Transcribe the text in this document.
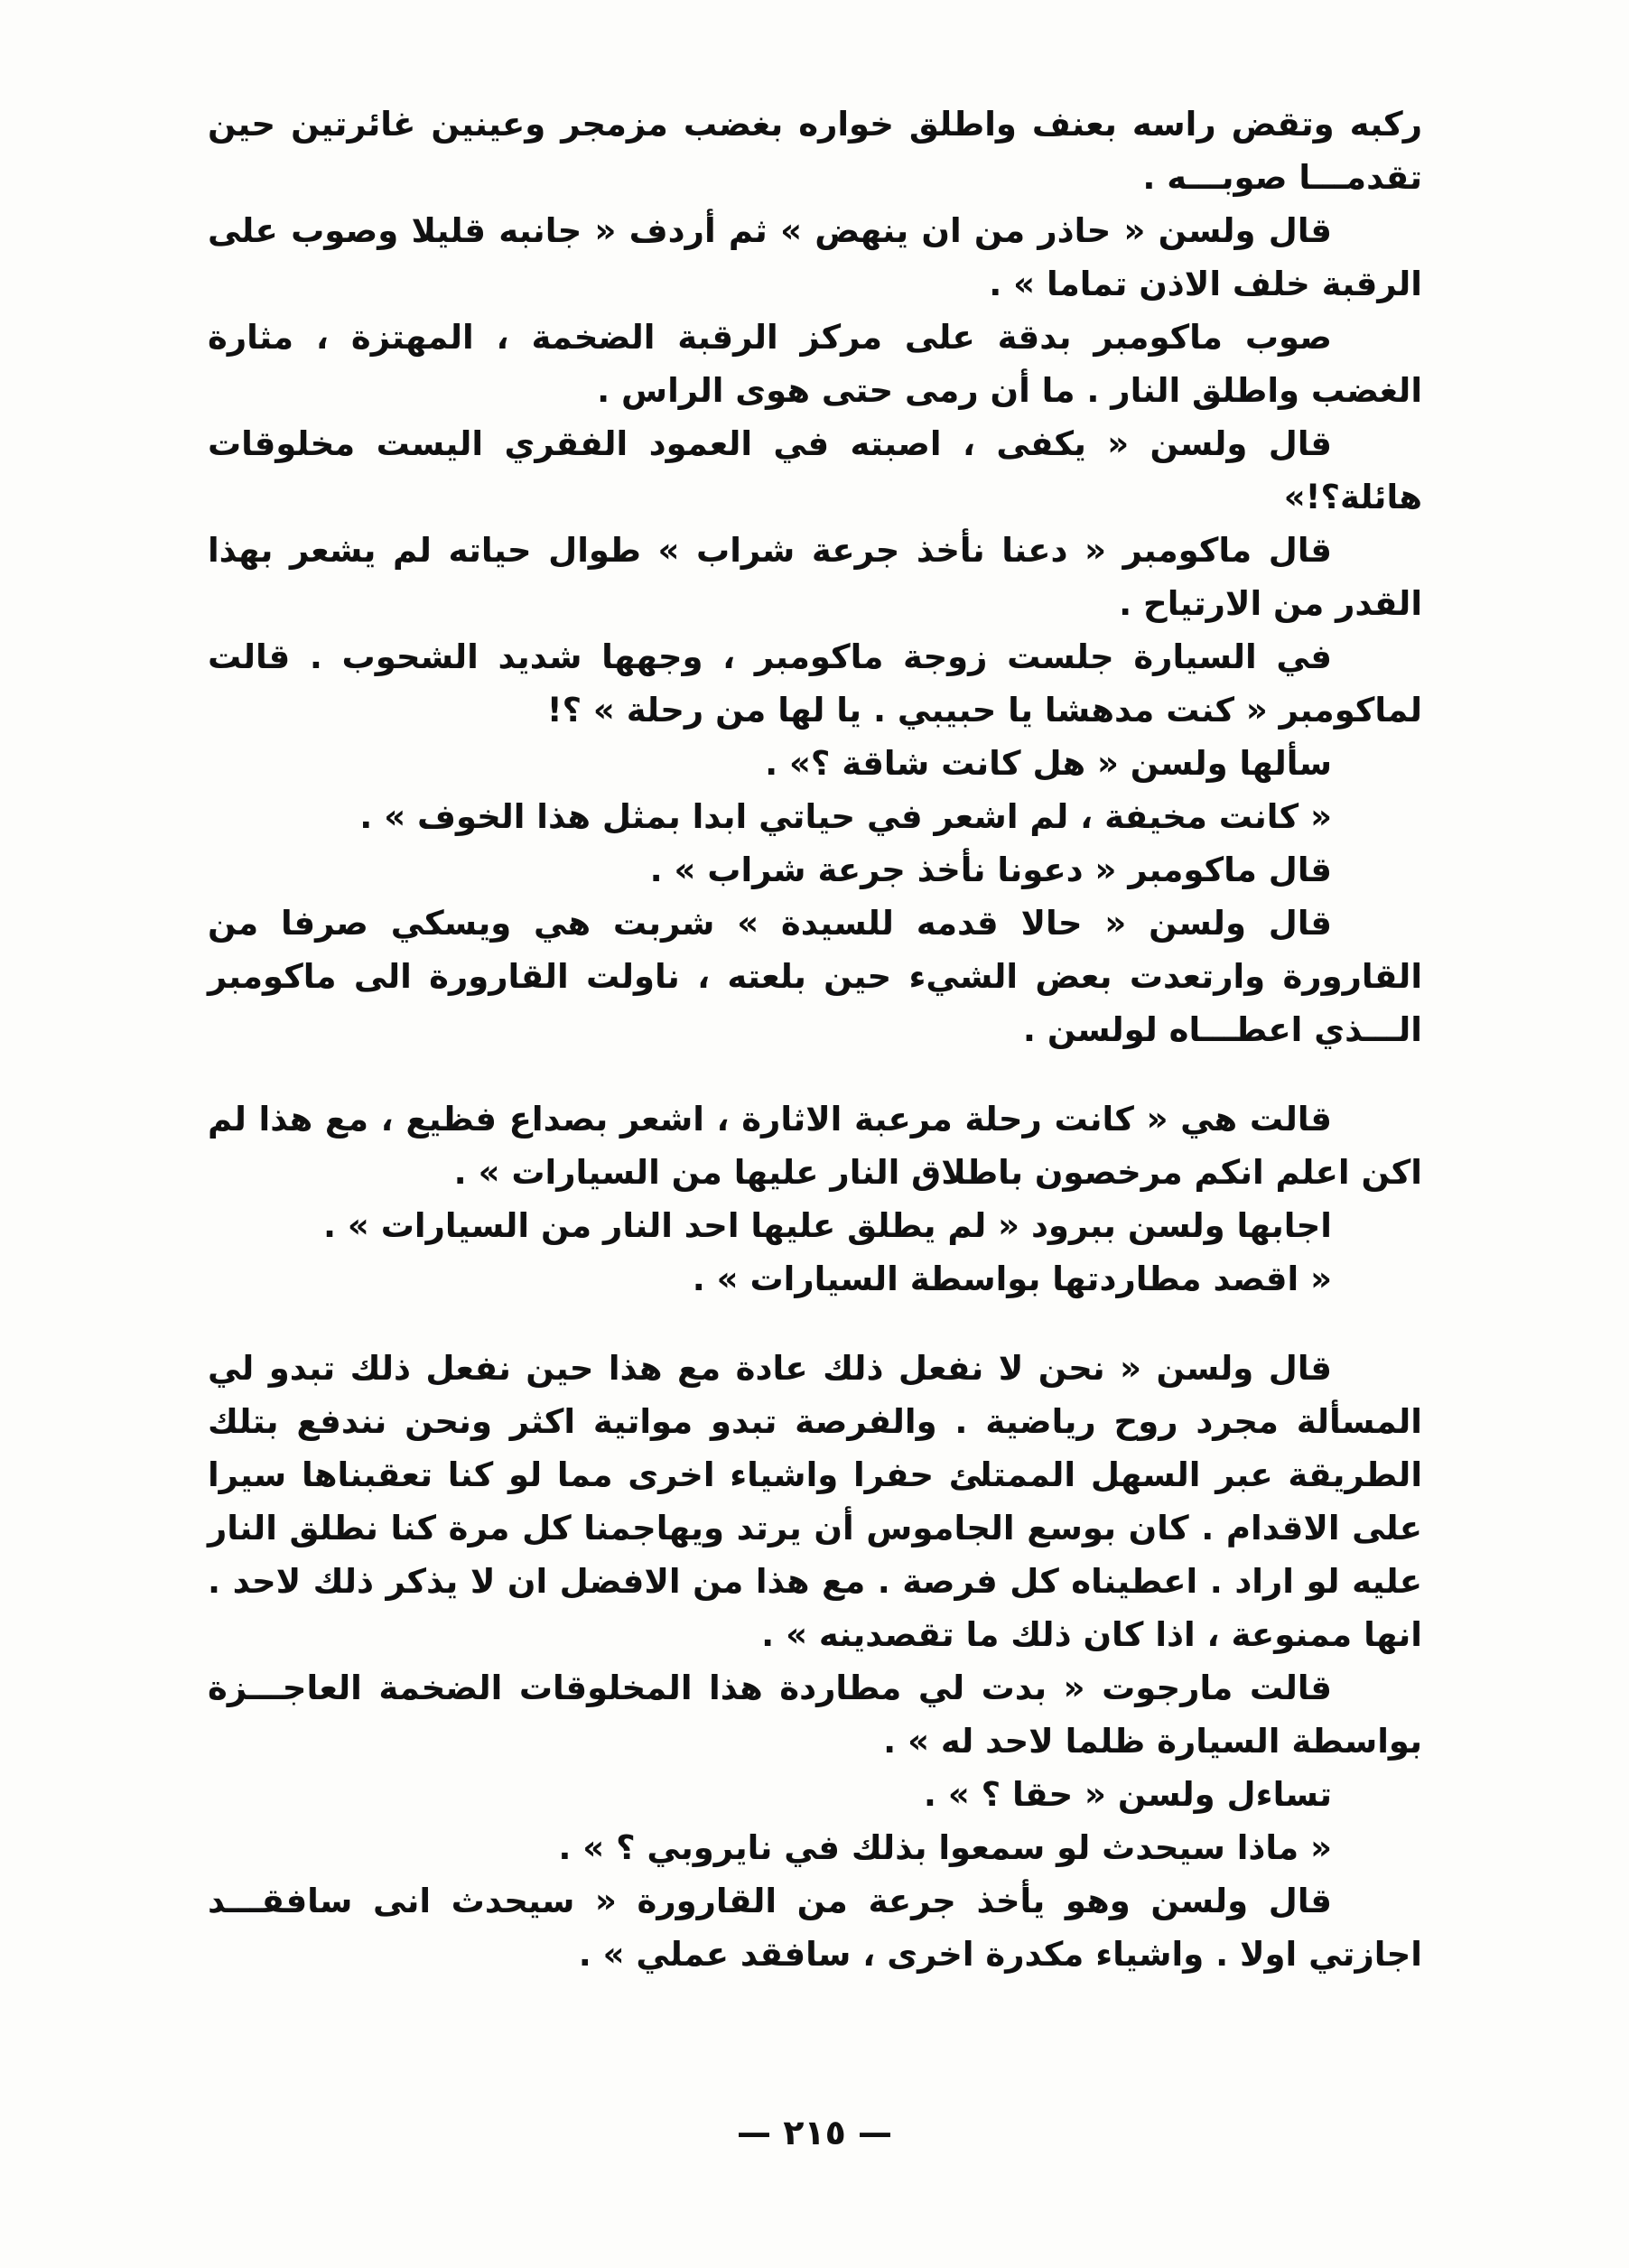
ركبه وتقض راسه بعنف واطلق خواره بغضب مزمجر وعينين غائرتين حين تقدمـــا صوبـــه .

قال ولسن « حاذر من ان ينهض » ثم أردف « جانبه قليلا وصوب على الرقبة خلف الاذن تماما » .

صوب ماكومبر بدقة على مركز الرقبة الضخمة ، المهتزة ، مثارة الغضب واطلق النار . ما أن رمى حتى هوى الراس .

قال ولسن « يكفى ، اصبته في العمود الفقري اليست مخلوقات هائلة؟!»

قال ماكومبر « دعنا نأخذ جرعة شراب » طوال حياته لم يشعر بهذا القدر من الارتياح .

في السيارة جلست زوجة ماكومبر ، وجهها شديد الشحوب . قالت لماكومبر « كنت مدهشا يا حبيبي . يا لها من رحلة » ؟!

سألها ولسن « هل كانت شاقة ؟» .

« كانت مخيفة ، لم اشعر في حياتي ابدا بمثل هذا الخوف » .

قال ماكومبر « دعونا نأخذ جرعة شراب » .

قال ولسن « حالا قدمه للسيدة » شربت هي ويسكي صرفا من القارورة وارتعدت بعض الشيء حين بلعته ، ناولت القارورة الى ماكومبر الـــذي اعطـــاه لولسن .

قالت هي « كانت رحلة مرعبة الاثارة ، اشعر بصداع فظيع ، مع هذا لم اكن اعلم انكم مرخصون باطلاق النار عليها من السيارات » .

اجابها ولسن ببرود « لم يطلق عليها احد النار من السيارات » .

« اقصد مطاردتها بواسطة السيارات » .

قال ولسن « نحن لا نفعل ذلك عادة مع هذا حين نفعل ذلك تبدو لي المسألة مجرد روح رياضية . والفرصة تبدو مواتية اكثر ونحن نندفع بتلك الطريقة عبر السهل الممتلئ حفرا واشياء اخرى مما لو كنا تعقبناها سيرا على الاقدام . كان بوسع الجاموس أن يرتد ويهاجمنا كل مرة كنا نطلق النار عليه لو اراد . اعطيناه كل فرصة . مع هذا من الافضل ان لا يذكر ذلك لاحد . انها ممنوعة ، اذا كان ذلك ما تقصدينه » .

قالت مارجوت « بدت لي مطاردة هذا المخلوقات الضخمة العاجـــزة بواسطة السيارة ظلما لاحد له » .

تساءل ولسن « حقا ؟ » .

« ماذا سيحدث لو سمعوا بذلك في نايروبي ؟ » .

قال ولسن وهو يأخذ جرعة من القارورة « سيحدث انى سافقـــد اجازتي اولا . واشياء مكدرة اخرى ، سافقد عملي » .

— ٢١٥ —
